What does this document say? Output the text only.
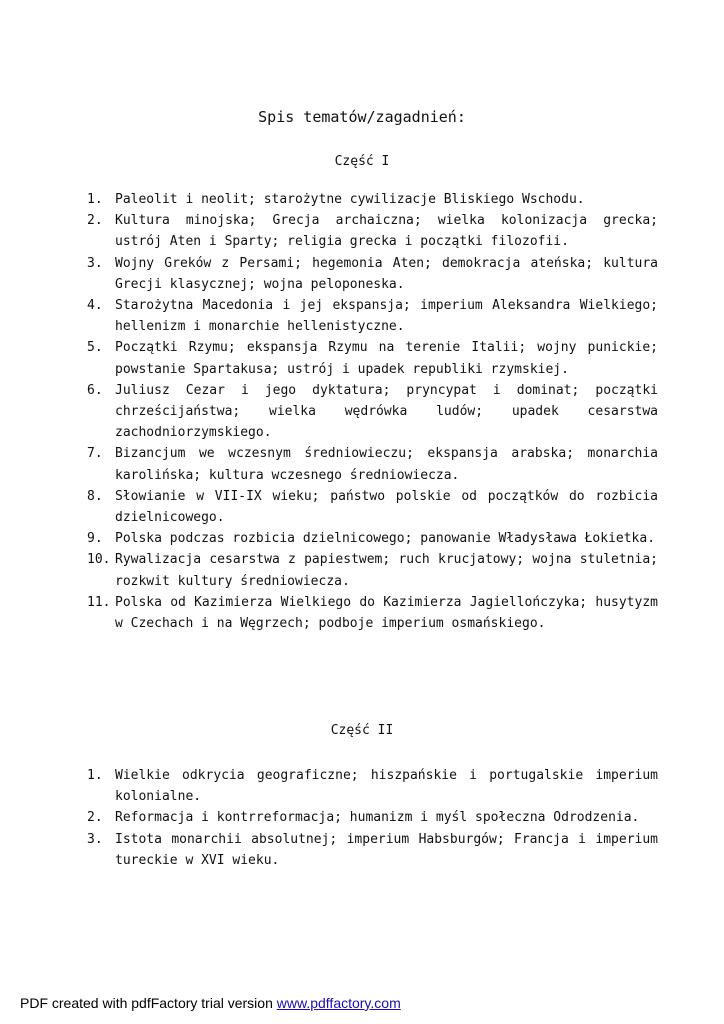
Spis tematów/zagadnień:
Część I
1. Paleolit i neolit; starożytne cywilizacje Bliskiego Wschodu.
2. Kultura minojska; Grecja archaiczna; wielka kolonizacja grecka; ustrój Aten i Sparty; religia grecka i początki filozofii.
3. Wojny Greków z Persami; hegemonia Aten; demokracja ateńska; kultura Grecji klasycznej; wojna peloponeska.
4. Starożytna Macedonia i jej ekspansja; imperium Aleksandra Wielkiego; hellenizm i monarchie hellenistyczne.
5. Początki Rzymu; ekspansja Rzymu na terenie Italii; wojny punickie; powstanie Spartakusa; ustrój i upadek republiki rzymskiej.
6. Juliusz Cezar i jego dyktatura; pryncypat i dominat; początki chrześcijaństwa; wielka wędrówka ludów; upadek cesarstwa zachodniorzymskiego.
7. Bizancjum we wczesnym średniowieczu; ekspansja arabska; monarchia karolińska; kultura wczesnego średniowiecza.
8. Słowianie w VII-IX wieku; państwo polskie od początków do rozbicia dzielnicowego.
9. Polska podczas rozbicia dzielnicowego; panowanie Władysława Łokietka.
10. Rywalizacja cesarstwa z papiestwem; ruch krucjatowy; wojna stuletnia; rozkwit kultury średniowiecza.
11. Polska od Kazimierza Wielkiego do Kazimierza Jagiellończyka; husytyzm w Czechach i na Węgrzech; podboje imperium osmańskiego.
Część II
1. Wielkie odkrycia geograficzne; hiszpańskie i portugalskie imperium kolonialne.
2. Reformacja i kontrreformacja; humanizm i myśl społeczna Odrodzenia.
3. Istota monarchii absolutnej; imperium Habsburgów; Francja i imperium tureckie w XVI wieku.
PDF created with pdfFactory trial version www.pdffactory.com
